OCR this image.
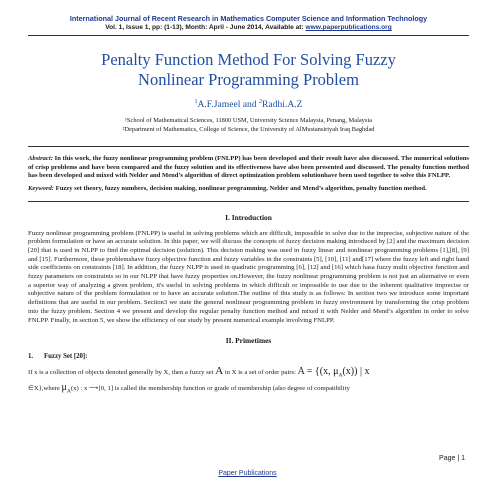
International Journal of Recent Research in Mathematics Computer Science and Information Technology
Vol. 1, Issue 1, pp: (1-13), Month: April - June 2014, Available at: www.paperpublications.org
Penalty Function Method For Solving Fuzzy
Nonlinear Programming Problem
$^1$A.F.Jameel and $^2$Radhi.A.Z
¹School of Mathematical Sciences, 11800 USM, University Science Malaysia, Penang, Malaysia
²Department of Mathematics, College of Science, the University of AlMustansiriyah Iraq Baghdad
Abstract: In this work, the fuzzy nonlinear programming problem (FNLPP) has been developed and their result have also discussed. The numerical solutions of crisp problems and have been compared and the fuzzy solution and its effectiveness have also been presented and discussed. The penalty function method has been developed and mixed with Nelder and Mend’s algorithm of direct optimization problem solutionhave been used together to solve this FNLPP.
Keyword: Fuzzy set theory, fuzzy numbers, decision making, nonlinear programming, Nelder and Mend’s algorithm, penalty function method.
I. Introduction
Fuzzy nonlinear programming problem (FNLPP) is useful in solving problems which are difficult, impossible to solve due to the imprecise, subjective nature of the problem formulation or have an accurate solution. In this paper, we will discuss the concepts of fuzzy decision making introduced by [2] and the maximum decision [20] that is used in NLPP to find the optimal decision (solution). This decision making was used in fuzzy linear and nonlinear programming problems [1],[8], [9] and [15]. Furthermore, these problemshave fuzzy objective function and fuzzy variables in the constraints [5], [10], [11] and[17] where the fuzzy left and right hand side coefficients on constraints [18]. In addition, the fuzzy NLPP is used in quadratic programming [6], [12] and [16] which hasa fuzzy multi objective function and fuzzy parameters on constraints so in our NLPP that have fuzzy properties on.However, the fuzzy nonlinear programming problem is not just an alternative or even a superior way of analyzing a given problem, it's useful in solving problems in which difficult or impossible to use due to the inherent qualitative imprecise or subjective nature of the problem formulation or to have an accurate solution.The outline of this study is as follows: In section two we introduce some important definitions that are useful in our problem. Section3 we state the general nonlinear programming problem in fuzzy environment by transforming the crisp problem into the fuzzy problem. Section 4 we present and develop the regular penalty function method and mixed it with Nelder and Mend’s algorithm in order to solve FNLPP. Finally, in section 5, we show the efficiency of our study by present numerical example involving FNLPP.
II. Primetimes
1. Fuzzy Set [20]:
If x is a collection of objects denoted generally by X, then a fuzzy set A in X is a set of order pairs: A = {(x, $\mu_A(x)$) | x
∈X},where $\mu_A(x)$ : x ⟶[0, 1] is called the membership function or grade of membership (also degree of compatibility
Page | 1
Paper Publications
